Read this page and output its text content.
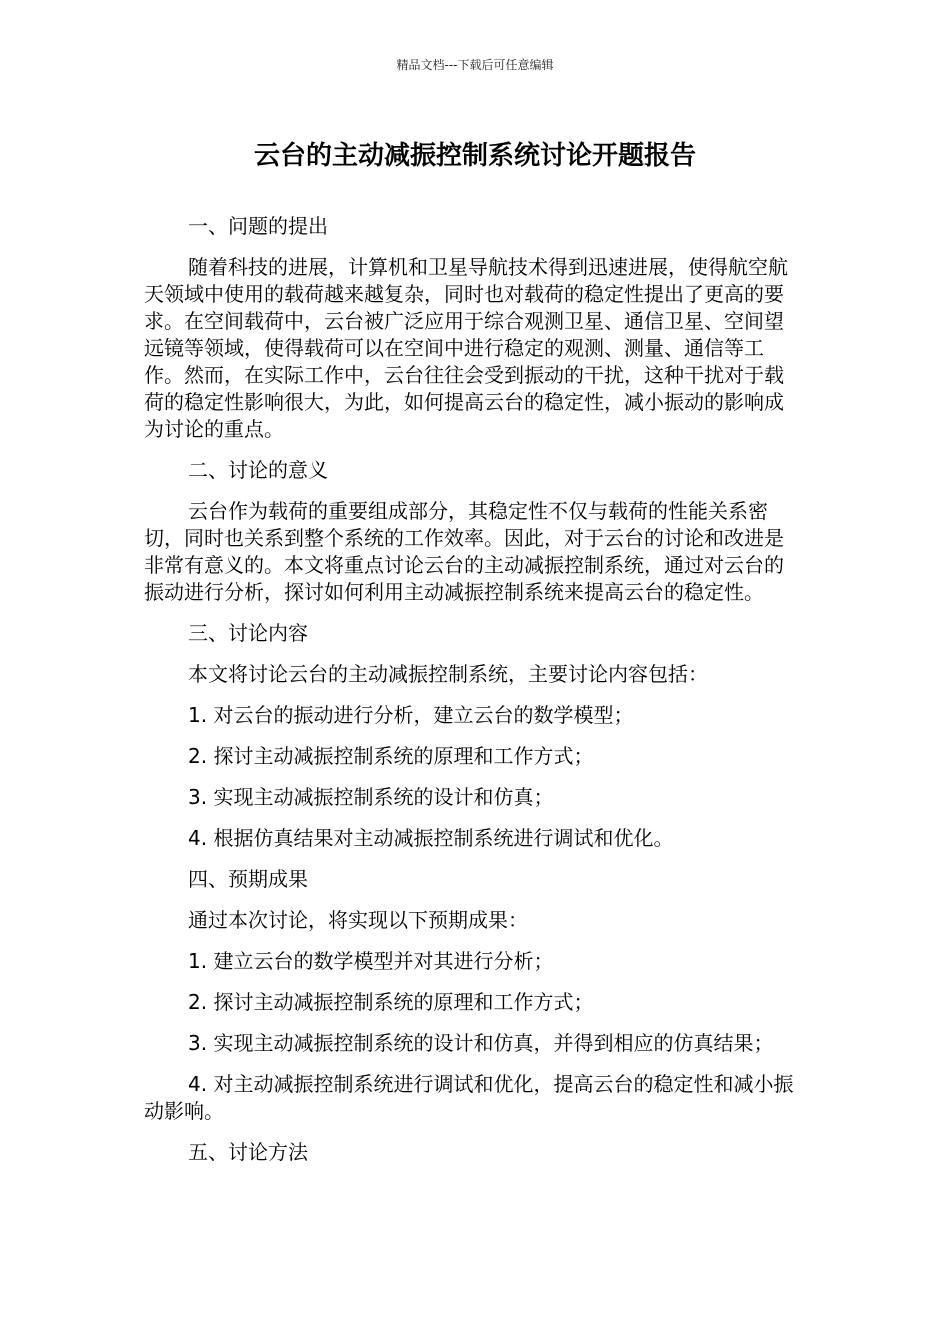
精品文档---下载后可任意编辑
云台的主动减振控制系统讨论开题报告

一、问题的提出

随着科技的进展，计算机和卫星导航技术得到迅速进展，使得航空航天领域中使用的载荷越来越复杂，同时也对载荷的稳定性提出了更高的要求。在空间载荷中，云台被广泛应用于综合观测卫星、通信卫星、空间望远镜等领域，使得载荷可以在空间中进行稳定的观测、测量、通信等工作。然而，在实际工作中，云台往往会受到振动的干扰，这种干扰对于载荷的稳定性影响很大，为此，如何提高云台的稳定性，减小振动的影响成为讨论的重点。

二、讨论的意义

云台作为载荷的重要组成部分，其稳定性不仅与载荷的性能关系密切，同时也关系到整个系统的工作效率。因此，对于云台的讨论和改进是非常有意义的。本文将重点讨论云台的主动减振控制系统，通过对云台的振动进行分析，探讨如何利用主动减振控制系统来提高云台的稳定性。

三、讨论内容

本文将讨论云台的主动减振控制系统，主要讨论内容包括：

1. 对云台的振动进行分析，建立云台的数学模型；

2. 探讨主动减振控制系统的原理和工作方式；

3. 实现主动减振控制系统的设计和仿真；

4. 根据仿真结果对主动减振控制系统进行调试和优化。

四、预期成果

通过本次讨论，将实现以下预期成果：

1. 建立云台的数学模型并对其进行分析；

2. 探讨主动减振控制系统的原理和工作方式；

3. 实现主动减振控制系统的设计和仿真，并得到相应的仿真结果；

4. 对主动减振控制系统进行调试和优化，提高云台的稳定性和减小振动影响。

五、讨论方法
